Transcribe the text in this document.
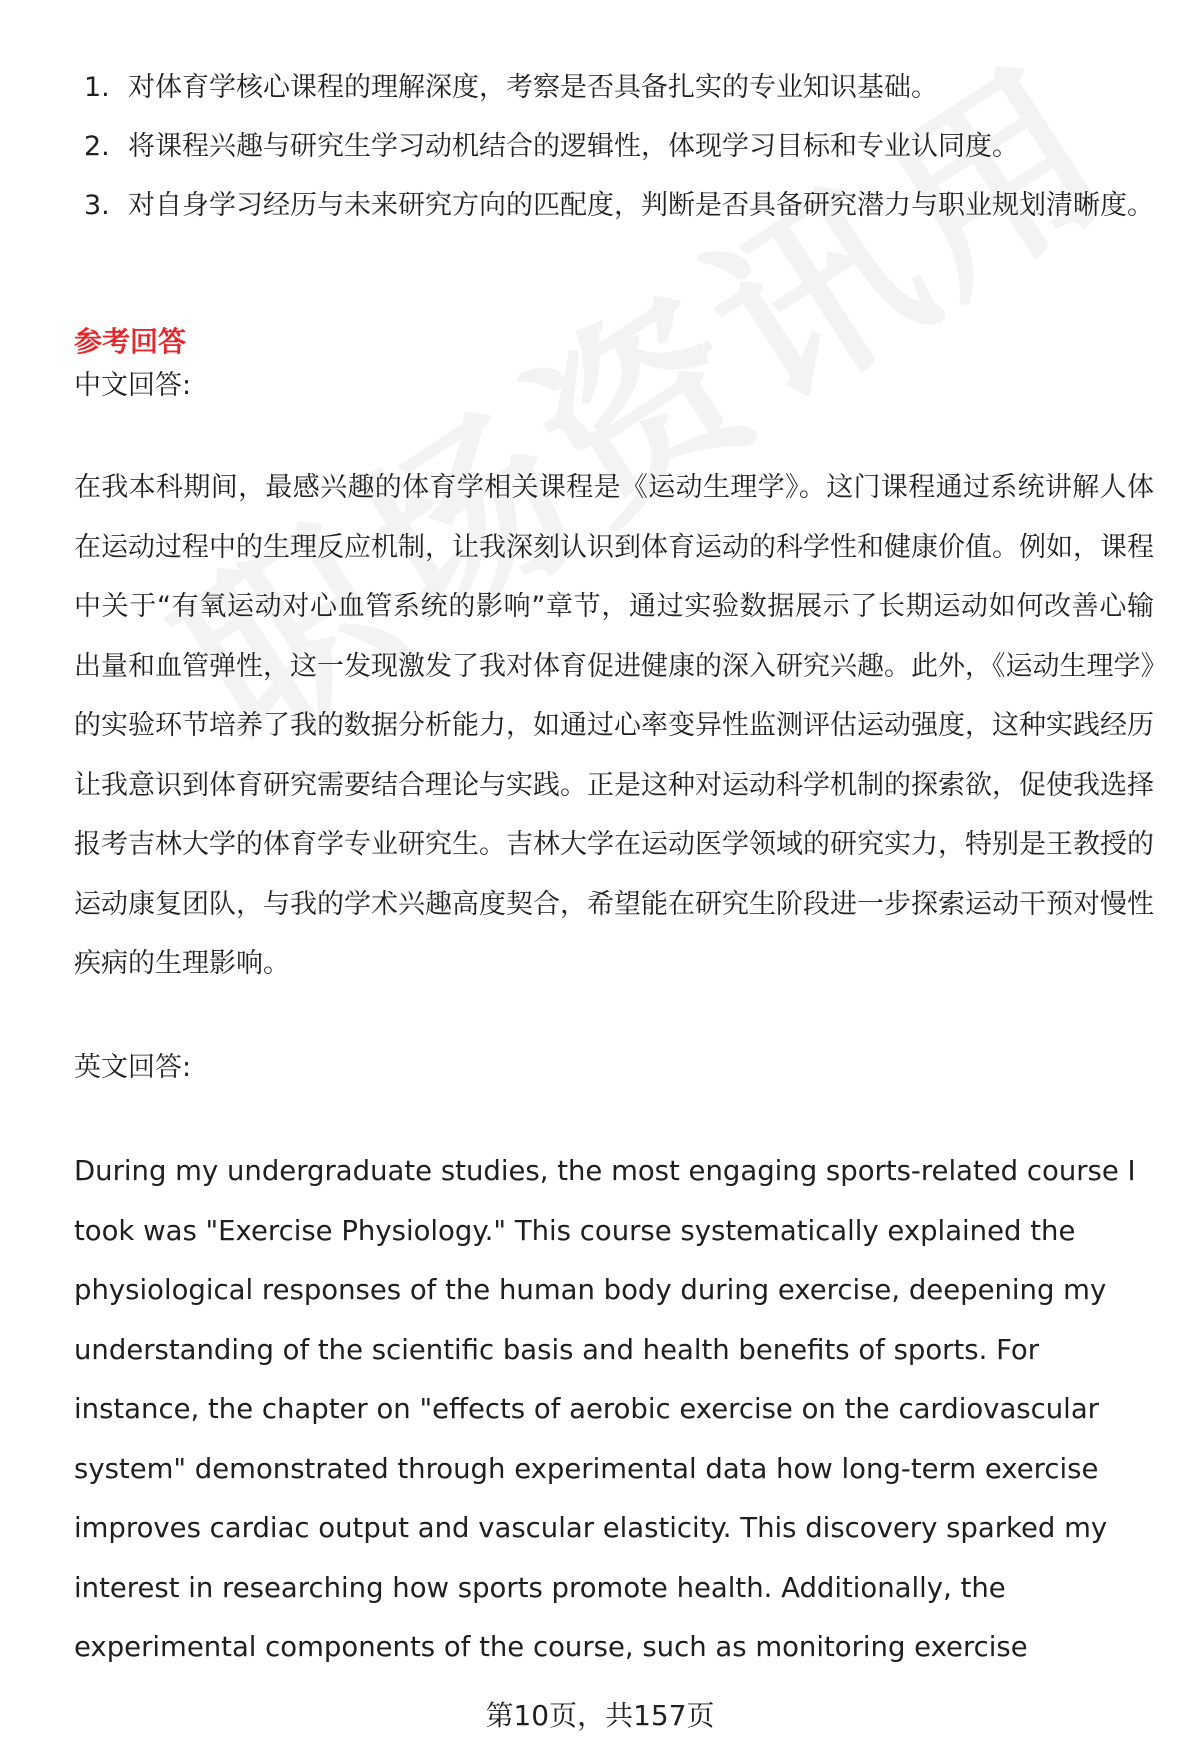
1. 对体育学核心课程的理解深度，考察是否具备扎实的专业知识基础。
2. 将课程兴趣与研究生学习动机结合的逻辑性，体现学习目标和专业认同度。
3. 对自身学习经历与未来研究方向的匹配度，判断是否具备研究潜力与职业规划清晰度。
参考回答
中文回答:

在我本科期间，最感兴趣的体育学相关课程是《运动生理学》。这门课程通过系统讲解人体在运动过程中的生理反应机制，让我深刻认识到体育运动的科学性和健康价值。例如，课程中关于“有氧运动对心血管系统的影响”章节，通过实验数据展示了长期运动如何改善心输出量和血管弹性，这一发现激发了我对体育促进健康的深入研究兴趣。此外，《运动生理学》的实验环节培养了我的数据分析能力，如通过心率变异性监测评估运动强度，这种实践经历让我意识到体育研究需要结合理论与实践。正是这种对运动科学机制的探索欲，促使我选择报考吉林大学的体育学专业研究生。吉林大学在运动医学领域的研究实力，特别是王教授的运动康复团队，与我的学术兴趣高度契合，希望能在研究生阶段进一步探索运动干预对慢性疾病的生理影响。

英文回答:

During my undergraduate studies, the most engaging sports-related course I took was "Exercise Physiology." This course systematically explained the physiological responses of the human body during exercise, deepening my understanding of the scientific basis and health benefits of sports. For instance, the chapter on "effects of aerobic exercise on the cardiovascular system" demonstrated through experimental data how long-term exercise improves cardiac output and vascular elasticity. This discovery sparked my interest in researching how sports promote health. Additionally, the experimental components of the course, such as monitoring exercise

第10页，共157页
